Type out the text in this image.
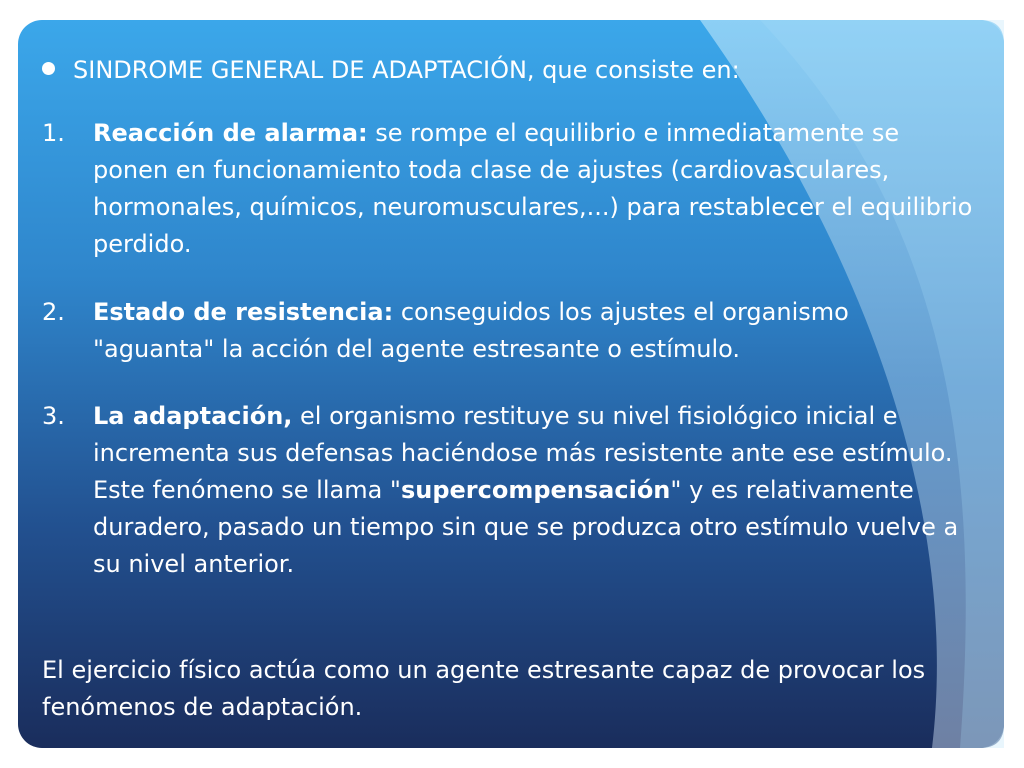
SINDROME GENERAL DE ADAPTACIÓN, que consiste en:
1.	Reacción de alarma: se rompe el equilibrio e inmediatamente se ponen en funcionamiento toda clase de ajustes (cardiovasculares, hormonales, químicos, neuromusculares,...) para restablecer el equilibrio perdido.
2.	Estado de resistencia: conseguidos los ajustes el organismo "aguanta" la acción del agente estresante o estímulo.
3.	La adaptación, el organismo restituye su nivel fisiológico inicial e incrementa sus defensas haciéndose más resistente ante ese estímulo. Este fenómeno se llama "supercompensación" y es relativamente duradero, pasado un tiempo sin que se produzca otro estímulo vuelve a su nivel anterior.
El ejercicio físico actúa como un agente estresante capaz de provocar los fenómenos de adaptación.
